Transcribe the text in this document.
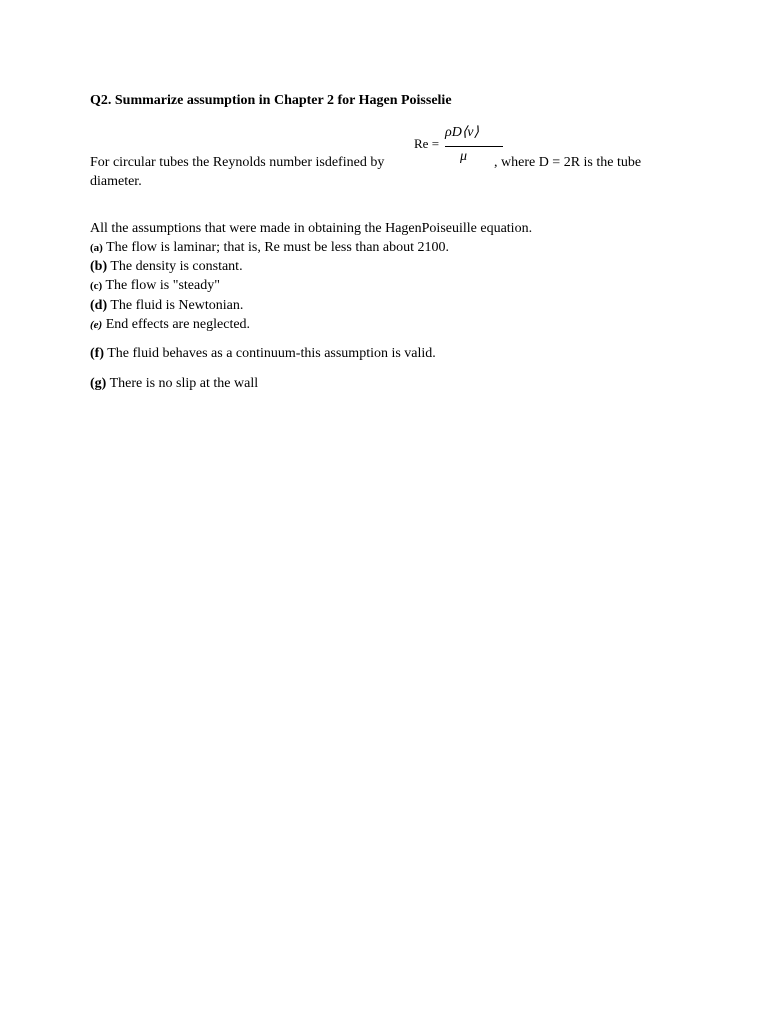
Q2. Summarize assumption in Chapter 2 for Hagen Poisselie
Re =
ρD⟨v⟩
μ
For circular tubes the Reynolds number isdefined by	, where D = 2R is the tube
diameter.
All the assumptions that were made in obtaining the HagenPoiseuille equation.
(a) The flow is laminar; that is, Re must be less than about 2100.
(b) The density is constant.
(c) The flow is "steady"
(d) The fluid is Newtonian.
(e) End effects are neglected.
(f) The fluid behaves as a continuum-this assumption is valid.
(g) There is no slip at the wall
